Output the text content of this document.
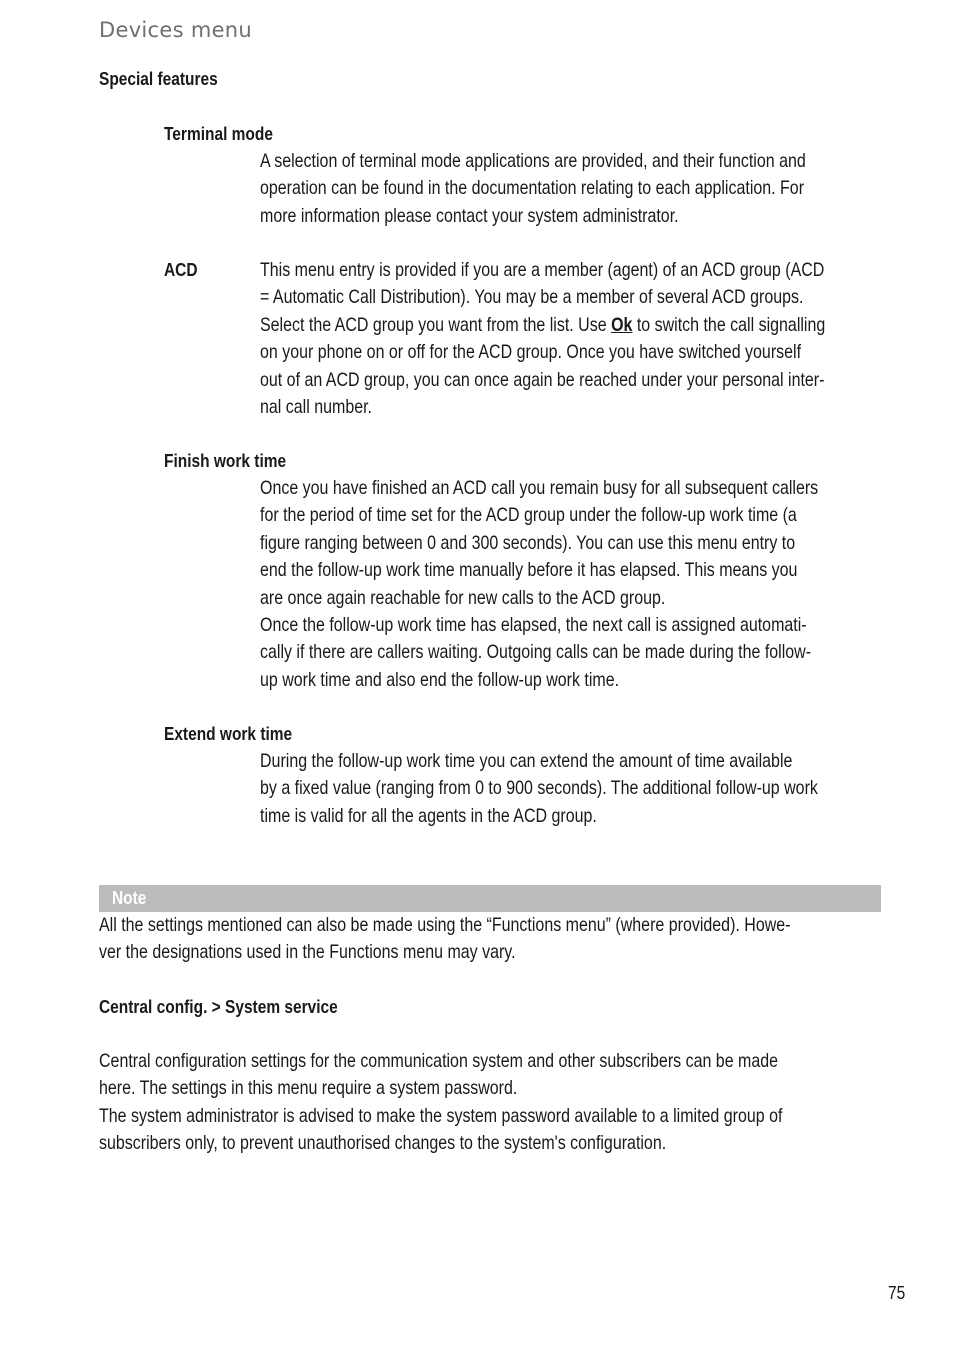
Devices menu
Special features
Terminal mode
A selection of terminal mode applications are provided, and their function and
operation can be found in the documentation relating to each application. For
more information please contact your system administrator.
ACD	This menu entry is provided if you are a member (agent) of an ACD group (ACD
= Automatic Call Distribution). You may be a member of several ACD groups.
Select the ACD group you want from the list. Use Ok to switch the call signalling
on your phone on or off for the ACD group. Once you have switched yourself
out of an ACD group, you can once again be reached under your personal inter-
nal call number.
Finish work time
Once you have finished an ACD call you remain busy for all subsequent callers
for the period of time set for the ACD group under the follow-up work time (a
figure ranging between 0 and 300 seconds). You can use this menu entry to
end the follow-up work time manually before it has elapsed. This means you
are once again reachable for new calls to the ACD group.
Once the follow-up work time has elapsed, the next call is assigned automati-
cally if there are callers waiting. Outgoing calls can be made during the follow-
up work time and also end the follow-up work time.
Extend work time
During the follow-up work time you can extend the amount of time available
by a fixed value (ranging from 0 to 900 seconds). The additional follow-up work
time is valid for all the agents in the ACD group.
Note
All the settings mentioned can also be made using the “Functions menu” (where provided). Howe-
ver the designations used in the Functions menu may vary.
Central config. > System service
Central configuration settings for the communication system and other subscribers can be made
here. The settings in this menu require a system password.
The system administrator is advised to make the system password available to a limited group of
subscribers only, to prevent unauthorised changes to the system's configuration.
75
